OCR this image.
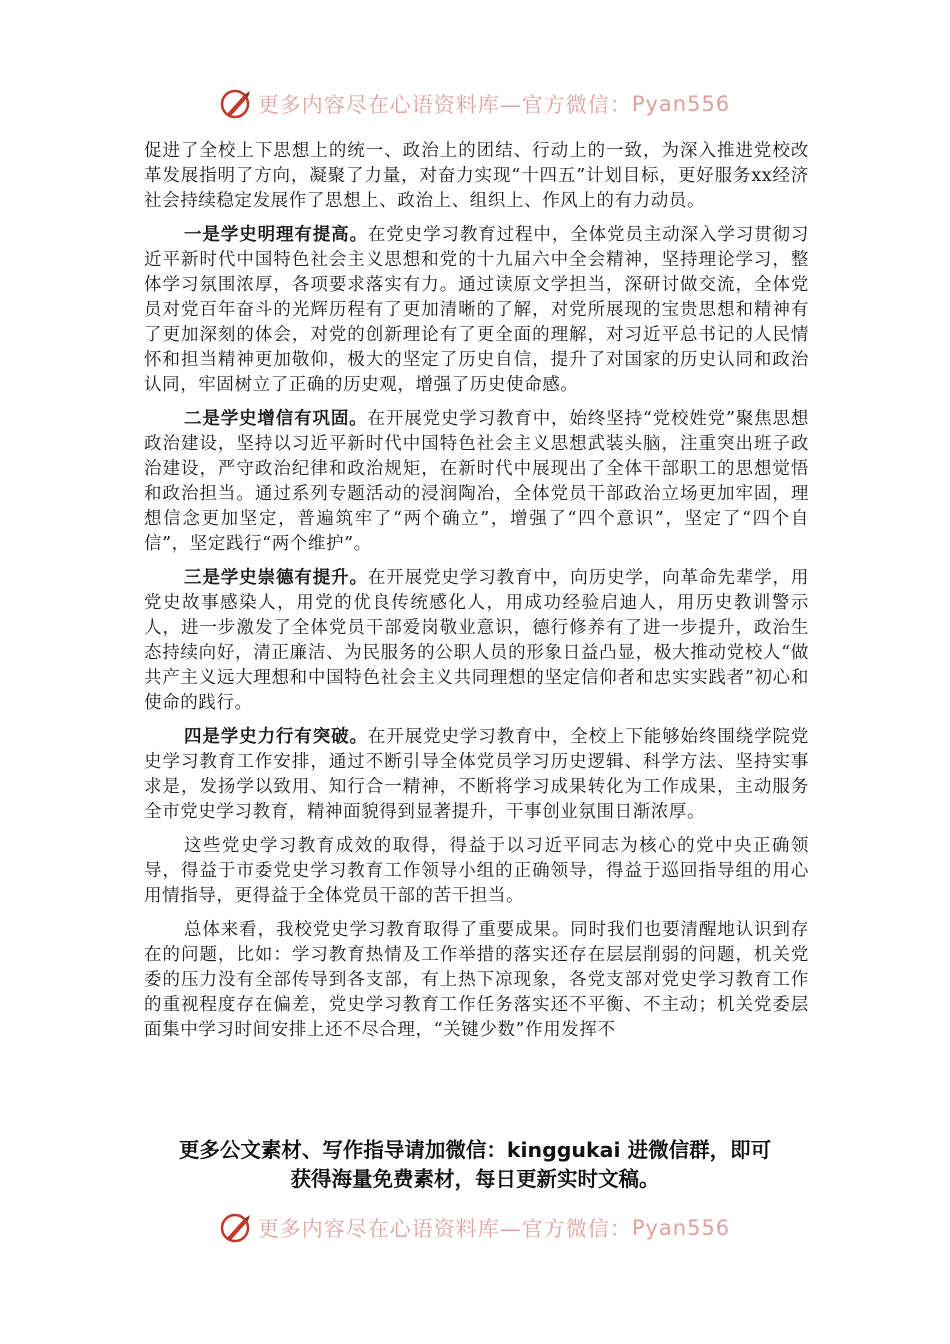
更多内容尽在心语资料库—官方微信： Pyan556

促进了全校上下思想上的统一、政治上的团结、行动上的一致，为深入推进党校改革发展指明了方向，凝聚了力量，对奋力实现“十四五”计划目标，更好服务xx经济社会持续稳定发展作了思想上、政治上、组织上、作风上的有力动员。

一是学史明理有提高。在党史学习教育过程中，全体党员主动深入学习贯彻习近平新时代中国特色社会主义思想和党的十九届六中全会精神，坚持理论学习，整体学习氛围浓厚，各项要求落实有力。通过读原文学担当，深研讨做交流，全体党员对党百年奋斗的光辉历程有了更加清晰的了解，对党所展现的宝贵思想和精神有了更加深刻的体会，对党的创新理论有了更全面的理解，对习近平总书记的人民情怀和担当精神更加敬仰，极大的坚定了历史自信，提升了对国家的历史认同和政治认同，牢固树立了正确的历史观，增强了历史使命感。

二是学史增信有巩固。在开展党史学习教育中，始终坚持“党校姓党”聚焦思想政治建设，坚持以习近平新时代中国特色社会主义思想武装头脑，注重突出班子政治建设，严守政治纪律和政治规矩，在新时代中展现出了全体干部职工的思想觉悟和政治担当。通过系列专题活动的浸润陶冶，全体党员干部政治立场更加牢固，理想信念更加坚定，普遍筑牢了“两个确立”，增强了“四个意识”，坚定了“四个自信”，坚定践行“两个维护”。

三是学史崇德有提升。在开展党史学习教育中，向历史学，向革命先辈学，用党史故事感染人，用党的优良传统感化人，用成功经验启迪人，用历史教训警示人，进一步激发了全体党员干部爱岗敬业意识，德行修养有了进一步提升，政治生态持续向好，清正廉洁、为民服务的公职人员的形象日益凸显，极大推动党校人“做共产主义远大理想和中国特色社会主义共同理想的坚定信仰者和忠实实践者”初心和使命的践行。

四是学史力行有突破。在开展党史学习教育中，全校上下能够始终围绕学院党史学习教育工作安排，通过不断引导全体党员学习历史逻辑、科学方法、坚持实事求是，发扬学以致用、知行合一精神，不断将学习成果转化为工作成果，主动服务全市党史学习教育，精神面貌得到显著提升，干事创业氛围日渐浓厚。

这些党史学习教育成效的取得，得益于以习近平同志为核心的党中央正确领导，得益于市委党史学习教育工作领导小组的正确领导，得益于巡回指导组的用心用情指导，更得益于全体党员干部的苦干担当。

总体来看，我校党史学习教育取得了重要成果。同时我们也要清醒地认识到存在的问题，比如：学习教育热情及工作举措的落实还存在层层削弱的问题，机关党委的压力没有全部传导到各支部，有上热下凉现象，各党支部对党史学习教育工作的重视程度存在偏差，党史学习教育工作任务落实还不平衡、不主动；机关党委层面集中学习时间安排上还不尽合理，“关键少数”作用发挥不

更多公文素材、写作指导请加微信：kinggukai 进微信群，即可
获得海量免费素材，每日更新实时文稿。
更多内容尽在心语资料库—官方微信： Pyan556
